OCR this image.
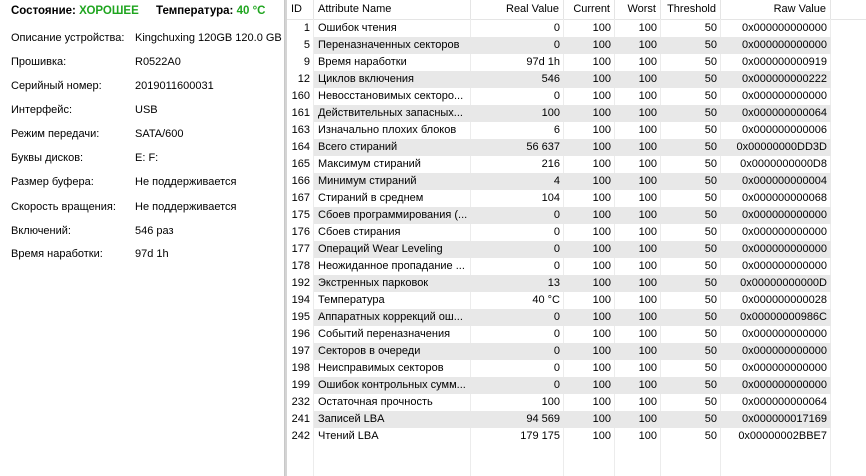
Состояние: ХОРОШЕЕ Температура: 40 °C
Описание устройства: Kingchuxing 120GB 120.0 GB
Прошивка:	R0522A0
Серийный номер:	2019011600031
Интерфейс:	USB
Режим передачи:	SATA/600
Буквы дисков:	E: F:
Размер буфера:	Не поддерживается
Скорость вращения: Не поддерживается
Включений:	546 раз
Время наработки:	97d 1h
ID	Attribute Name	Real Value	Current	Worst	Threshold	Raw Value
1 Ошибок чтения	0	100	100	50	0x000000000000
5 Переназначенных секторов	0	100	100	50	0x000000000000
9 Время наработки	97d 1h	100	100	50	0x000000000919
12 Циклов включения	546	100	100	50	0x000000000222
160 Невосстановимых секторо...	0	100	100	50	0x000000000000
161 Действительных запасных...	100	100	100	50	0x000000000064
163 Изначально плохих блоков	6	100	100	50	0x000000000006
164 Всего стираний	56 637	100	100	50	0x00000000DD3D
165 Максимум стираний	216	100	100	50	0x0000000000D8
166 Минимум стираний	4	100	100	50	0x000000000004
167 Стираний в среднем	104	100	100	50	0x000000000068
175 Сбоев программирования (...	0	100	100	50	0x000000000000
176 Сбоев стирания	0	100	100	50	0x000000000000
177 Операций Wear Leveling	0	100	100	50	0x000000000000
178 Неожиданное пропадание ...	0	100	100	50	0x000000000000
192 Экстренных парковок	13	100	100	50	0x00000000000D
194 Температура	40 °C	100	100	50	0x000000000028
195 Аппаратных коррекций ош...	0	100	100	50	0x00000000986C
196 Событий переназначения	0	100	100	50	0x000000000000
197 Секторов в очереди	0	100	100	50	0x000000000000
198 Неисправимых секторов	0	100	100	50	0x000000000000
199 Ошибок контрольных сумм...	0	100	100	50	0x000000000000
232 Остаточная прочность	100	100	100	50	0x000000000064
241 Записей LBA	94 569	100	100	50	0x000000017169
242 Чтений LBA	179 175	100	100	50	0x00000002BBE7
